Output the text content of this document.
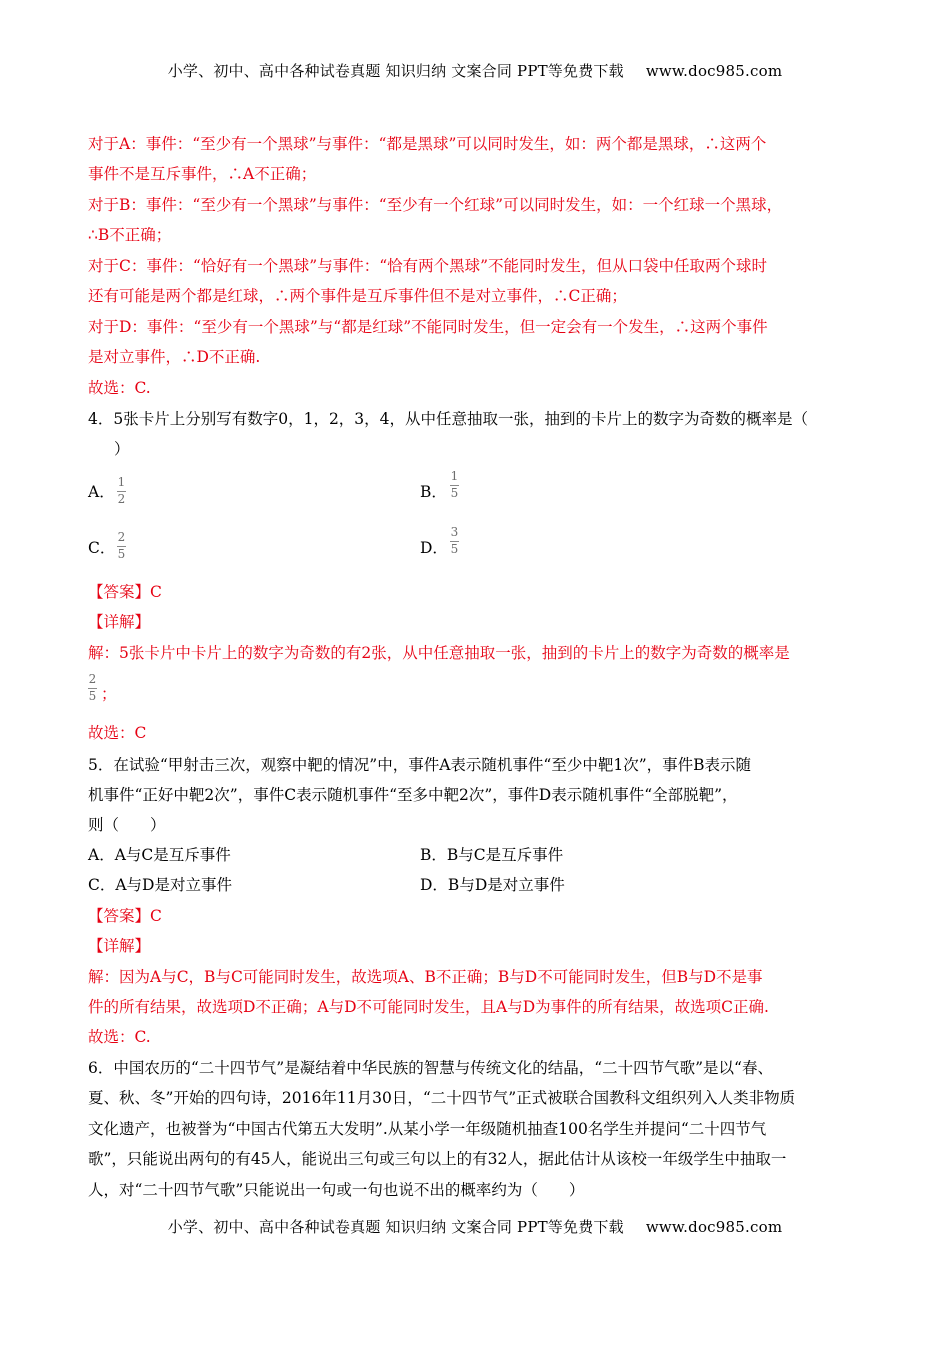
小学、初中、高中各种试卷真题 知识归纳 文案合同 PPT等免费下载 www.doc985.com
对于A：事件：“至少有一个黑球”与事件：“都是黑球”可以同时发生，如：两个都是黑球，∴这两个
事件不是互斥事件，∴A不正确；
对于B：事件：“至少有一个黑球”与事件：“至少有一个红球”可以同时发生，如：一个红球一个黑球，
∴B不正确；
对于C：事件：“恰好有一个黑球”与事件：“恰有两个黑球”不能同时发生，但从口袋中任取两个球时
还有可能是两个都是红球，∴两个事件是互斥事件但不是对立事件，∴C正确；
对于D：事件：“至少有一个黑球”与“都是红球”不能同时发生，但一定会有一个发生，∴这两个事件
是对立事件，∴D不正确.
故选：C.
4．5张卡片上分别写有数字0，1，2，3，4，从中任意抽取一张，抽到的卡片上的数字为奇数的概率是（
）
A．
1
2	B．
1
5
C．
2
5	D．
3
5
【答案】C
【详解】
解：5张卡片中卡片上的数字为奇数的有2张，从中任意抽取一张，抽到的卡片上的数字为奇数的概率是
2
5 ；
故选：C
5．在试验“甲射击三次，观察中靶的情况”中，事件A表示随机事件“至少中靶1次”，事件B表示随
机事件“正好中靶2次”，事件C表示随机事件“至多中靶2次”，事件D表示随机事件“全部脱靶”，
则（　　）
A．A与C是互斥事件	B．B与C是互斥事件
C．A与D是对立事件	D．B与D是对立事件
【答案】C
【详解】
解：因为A与C，B与C可能同时发生，故选项A、B不正确；B与D不可能同时发生，但B与D不是事
件的所有结果，故选项D不正确；A与D不可能同时发生，且A与D为事件的所有结果，故选项C正确.
故选：C.
6．中国农历的“二十四节气”是凝结着中华民族的智慧与传统文化的结晶，“二十四节气歌”是以“春、
夏、秋、冬”开始的四句诗，2016年11月30日，“二十四节气”正式被联合国教科文组织列入人类非物质
文化遗产，也被誉为“中国古代第五大发明”.从某小学一年级随机抽查100名学生并提问“二十四节气
歌”，只能说出两句的有45人，能说出三句或三句以上的有32人，据此估计从该校一年级学生中抽取一
人，对“二十四节气歌”只能说出一句或一句也说不出的概率约为（　　）
小学、初中、高中各种试卷真题 知识归纳 文案合同 PPT等免费下载 www.doc985.com
